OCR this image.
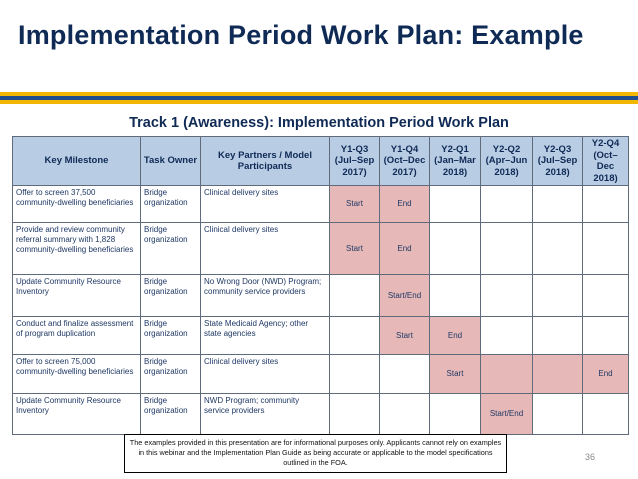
Implementation Period Work Plan: Example
Track 1 (Awareness): Implementation Period Work Plan
Key Milestone	Task Owner	Key Partners / Model Participants	Y1-Q3 (Jul–Sep 2017)	Y1-Q4 (Oct–Dec 2017)	Y2-Q1 (Jan–Mar 2018)	Y2-Q2 (Apr–Jun 2018)	Y2-Q3 (Jul–Sep 2018)	Y2-Q4 (Oct–Dec 2018)
Offer to screen 37,500 community-dwelling beneficiaries	Bridge organization	Clinical delivery sites	Start	End				
Provide and review community referral summary with 1,828 community-dwelling beneficiaries	Bridge organization	Clinical delivery sites	Start	End				
Update Community Resource Inventory	Bridge organization	No Wrong Door (NWD) Program; community service providers		Start/End				
Conduct and finalize assessment of program duplication	Bridge organization	State Medicaid Agency; other state agencies		Start	End			
Offer to screen 75,000 community-dwelling beneficiaries	Bridge organization	Clinical delivery sites			Start			End
Update Community Resource Inventory	Bridge organization	NWD Program; community service providers				Start/End		
The examples provided in this presentation are for informational purposes only. Applicants cannot rely on examples in this webinar and the Implementation Plan Guide as being accurate or applicable to the model specifications outlined in the FOA.
36
